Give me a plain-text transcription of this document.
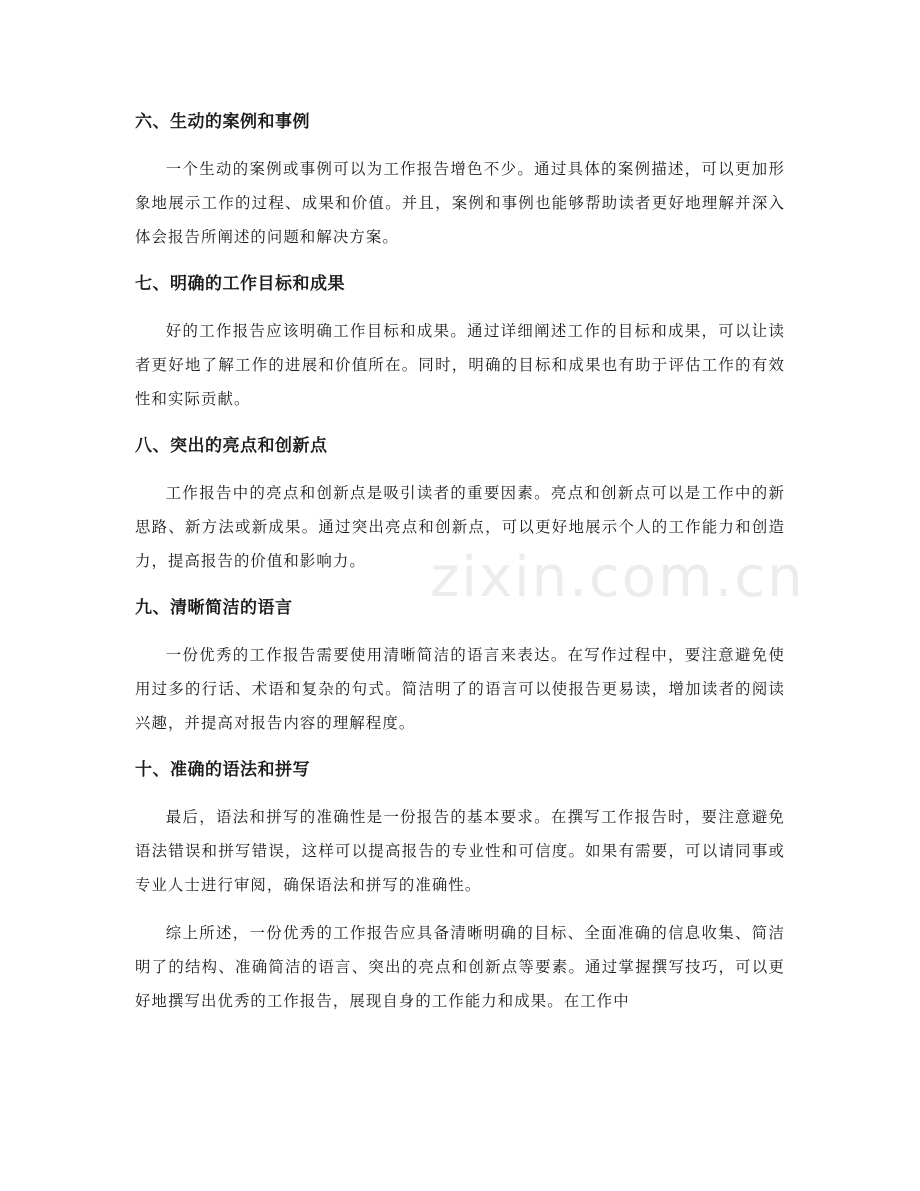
六、生动的案例和事例

一个生动的案例或事例可以为工作报告增色不少。通过具体的案例描述，可以更加形象地展示工作的过程、成果和价值。并且，案例和事例也能够帮助读者更好地理解并深入体会报告所阐述的问题和解决方案。

七、明确的工作目标和成果

好的工作报告应该明确工作目标和成果。通过详细阐述工作的目标和成果，可以让读者更好地了解工作的进展和价值所在。同时，明确的目标和成果也有助于评估工作的有效性和实际贡献。

八、突出的亮点和创新点

工作报告中的亮点和创新点是吸引读者的重要因素。亮点和创新点可以是工作中的新思路、新方法或新成果。通过突出亮点和创新点，可以更好地展示个人的工作能力和创造力，提高报告的价值和影响力。

九、清晰简洁的语言

一份优秀的工作报告需要使用清晰简洁的语言来表达。在写作过程中，要注意避免使用过多的行话、术语和复杂的句式。简洁明了的语言可以使报告更易读，增加读者的阅读兴趣，并提高对报告内容的理解程度。

十、准确的语法和拼写

最后，语法和拼写的准确性是一份报告的基本要求。在撰写工作报告时，要注意避免语法错误和拼写错误，这样可以提高报告的专业性和可信度。如果有需要，可以请同事或专业人士进行审阅，确保语法和拼写的准确性。

综上所述，一份优秀的工作报告应具备清晰明确的目标、全面准确的信息收集、简洁明了的结构、准确简洁的语言、突出的亮点和创新点等要素。通过掌握撰写技巧，可以更好地撰写出优秀的工作报告，展现自身的工作能力和成果。在工作中

zixin.com.cn
